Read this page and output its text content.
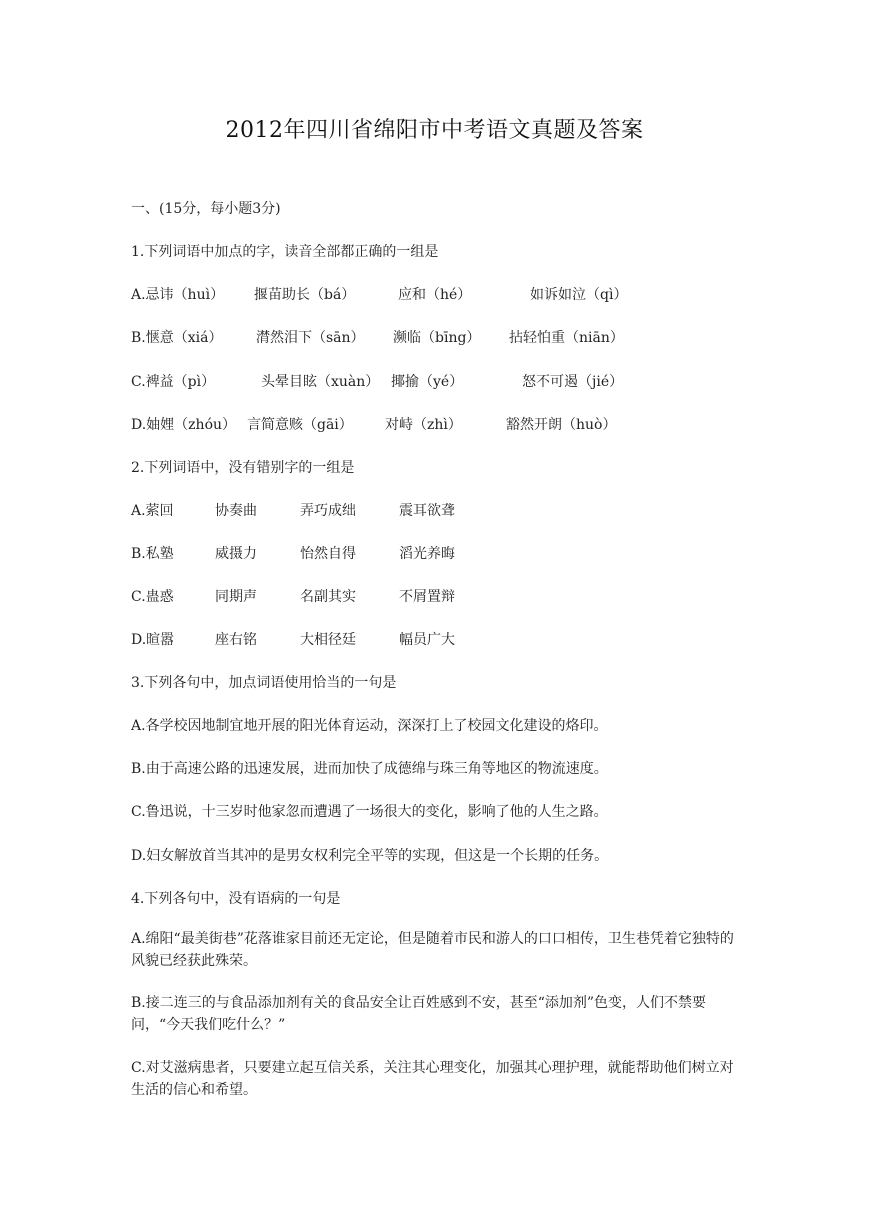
2012年四川省绵阳市中考语文真题及答案
一、(15分，每小题3分)
1.下列词语中加点的字，读音全部都正确的一组是
A.忌讳（huì） 揠苗助长（bá）	应和（hé）	如诉如泣（qì）
B.惬意（xiá） 潸然泪下（sān） 濒临（bīng） 拈轻怕重（niān）
C.裨益（pì）	头晕目眩（xuàn） 揶揄（yé）	怒不可遏（jié）
D.妯娌（zhóu） 言简意赅（gāi） 对峙（zhì）	豁然开朗（huò）
2.下列词语中，没有错别字的一组是
A.萦回	协奏曲	弄巧成绌	震耳欲聋
B.私塾	威摄力	怡然自得	滔光养晦
C.蛊惑	同期声	名副其实	不屑置辩
D.暄嚣	座右铭	大相径廷	幅员广大
3.下列各句中，加点词语使用恰当的一句是
A.各学校因地制宜地开展的阳光体育运动，深深打上了校园文化建设的烙印。
B.由于高速公路的迅速发展，进而加快了成德绵与珠三角等地区的物流速度。
C.鲁迅说，十三岁时他家忽而遭遇了一场很大的变化，影响了他的人生之路。
D.妇女解放首当其冲的是男女权利完全平等的实现，但这是一个长期的任务。
4.下列各句中，没有语病的一句是
A.绵阳“最美街巷”花落谁家目前还无定论，但是随着市民和游人的口口相传，卫生巷凭着它独特的风貌已经获此殊荣。
B.接二连三的与食品添加剂有关的食品安全让百姓感到不安，甚至“添加剂”色变，人们不禁要问，“今天我们吃什么？”
C.对艾滋病患者，只要建立起互信关系，关注其心理变化，加强其心理护理，就能帮助他们树立对生活的信心和希望。
